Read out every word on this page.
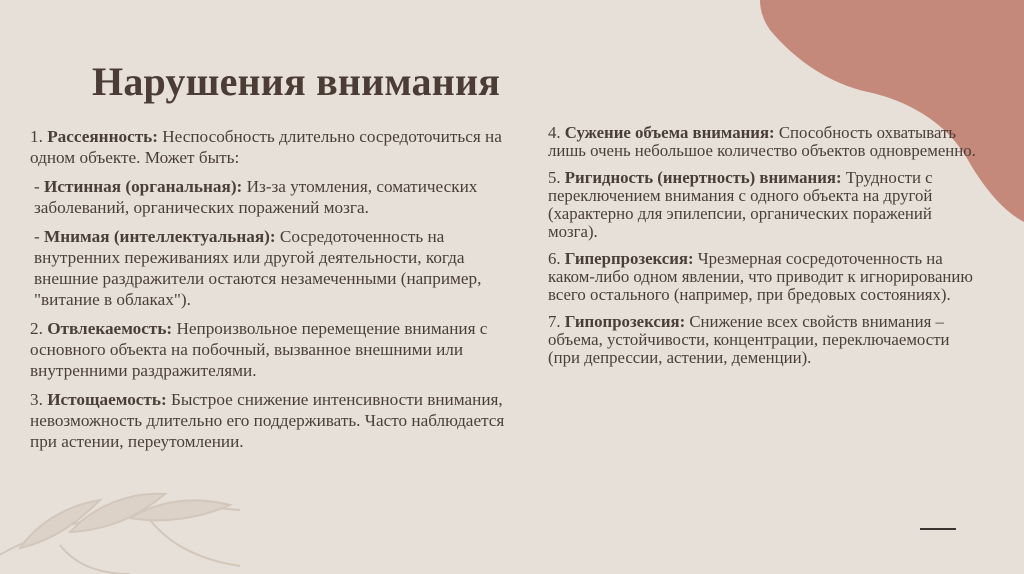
Нарушения внимания

1. Рассеянность: Неспособность длительно сосредоточиться на одном объекте. Может быть:

- Истинная (органальная): Из-за утомления, соматических заболеваний, органических поражений мозга.

- Мнимая (интеллектуальная): Сосредоточенность на внутренних переживаниях или другой деятельности, когда внешние раздражители остаются незамеченными (например, "витание в облаках").

2. Отвлекаемость: Непроизвольное перемещение внимания с основного объекта на побочный, вызванное внешними или внутренними раздражителями.

3. Истощаемость: Быстрое снижение интенсивности внимания, невозможность длительно его поддерживать. Часто наблюдается при астении, переутомлении.

4. Сужение объема внимания: Способность охватывать лишь очень небольшое количество объектов одновременно.

5. Ригидность (инертность) внимания: Трудности с переключением внимания с одного объекта на другой (характерно для эпилепсии, органических поражений мозга).

6. Гиперпрозексия: Чрезмерная сосредоточенность на каком-либо одном явлении, что приводит к игнорированию всего остального (например, при бредовых состояниях).

7. Гипопрозексия: Снижение всех свойств внимания – объема, устойчивости, концентрации, переключаемости (при депрессии, астении, деменции).
